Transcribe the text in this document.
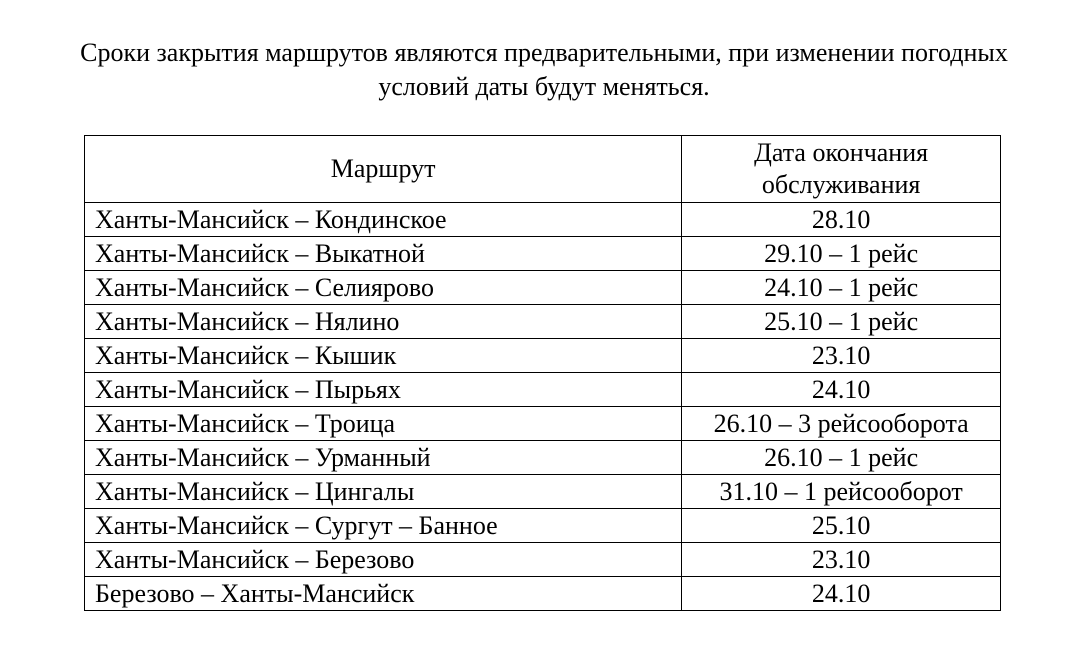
Сроки закрытия маршрутов являются предварительными, при изменении погодных
условий даты будут меняться.
Маршрут	Дата окончания
обслуживания
Ханты-Мансийск – Кондинское	28.10
Ханты-Мансийск – Выкатной	29.10 – 1 рейс
Ханты-Мансийск – Селиярово	24.10 – 1 рейс
Ханты-Мансийск – Нялино	25.10 – 1 рейс
Ханты-Мансийск – Кышик	23.10
Ханты-Мансийск – Пырьях	24.10
Ханты-Мансийск – Троица	26.10 – 3 рейсооборота
Ханты-Мансийск – Урманный	26.10 – 1 рейс
Ханты-Мансийск – Цингалы	31.10 – 1 рейсооборот
Ханты-Мансийск – Сургут – Банное	25.10
Ханты-Мансийск – Березово	23.10
Березово – Ханты-Мансийск	24.10
